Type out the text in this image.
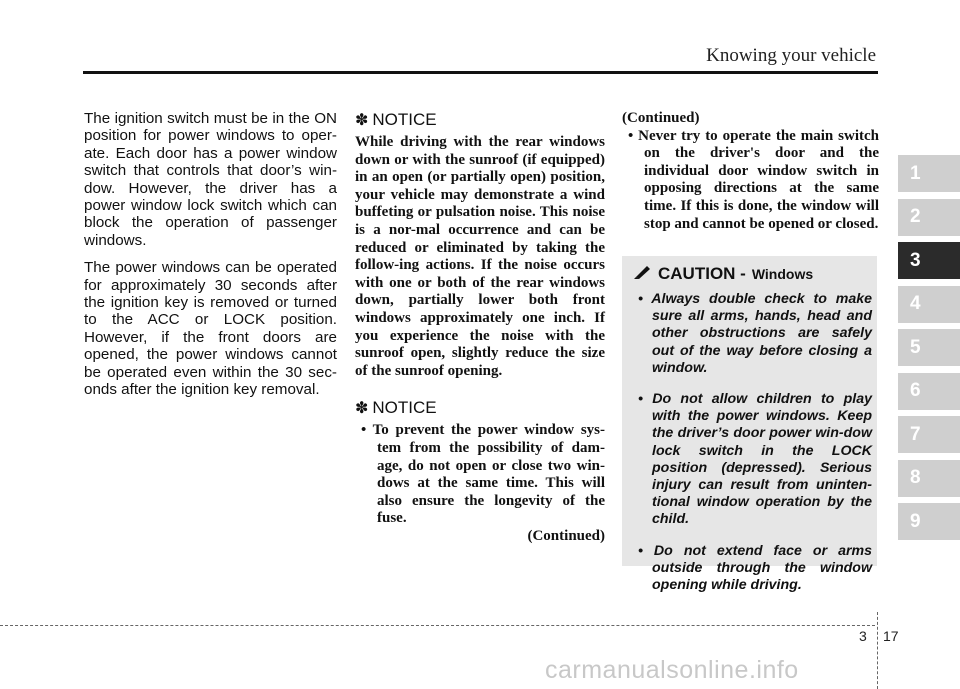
Knowing your vehicle

The ignition switch must be in the ON position for power windows to oper-ate. Each door has a power window switch that controls that door’s win-dow. However, the driver has a power window lock switch which can block the operation of passenger windows.

The power windows can be operated for approximately 30 seconds after the ignition key is removed or turned to the ACC or LOCK position. However, if the front doors are opened, the power windows cannot be operated even within the 30 sec-onds after the ignition key removal.

✽ NOTICE

While driving with the rear windows down or with the sunroof (if equipped) in an open (or partially open) position, your vehicle may demonstrate a wind buffeting or pulsation noise. This noise is a nor-mal occurrence and can be reduced or eliminated by taking the follow-ing actions. If the noise occurs with one or both of the rear windows down, partially lower both front windows approximately one inch. If you experience the noise with the sunroof open, slightly reduce the size of the sunroof opening.

✽ NOTICE

• To prevent the power window sys-tem from the possibility of dam-age, do not open or close two win-dows at the same time. This will also ensure the longevity of the fuse.

(Continued)

(Continued)

• Never try to operate the main switch on the driver's door and the individual door window switch in opposing directions at the same time. If this is done, the window will stop and cannot be opened or closed.

CAUTION - Windows

• Always double check to make sure all arms, hands, head and other obstructions are safely out of the way before closing a window.

• Do not allow children to play with the power windows. Keep the driver’s door power win-dow lock switch in the LOCK position (depressed). Serious injury can result from uninten-tional window operation by the child.

• Do not extend face or arms outside through the window opening while driving.

1
2
3
4
5
6
7
8
9
3 17
carmanualsonline.info
